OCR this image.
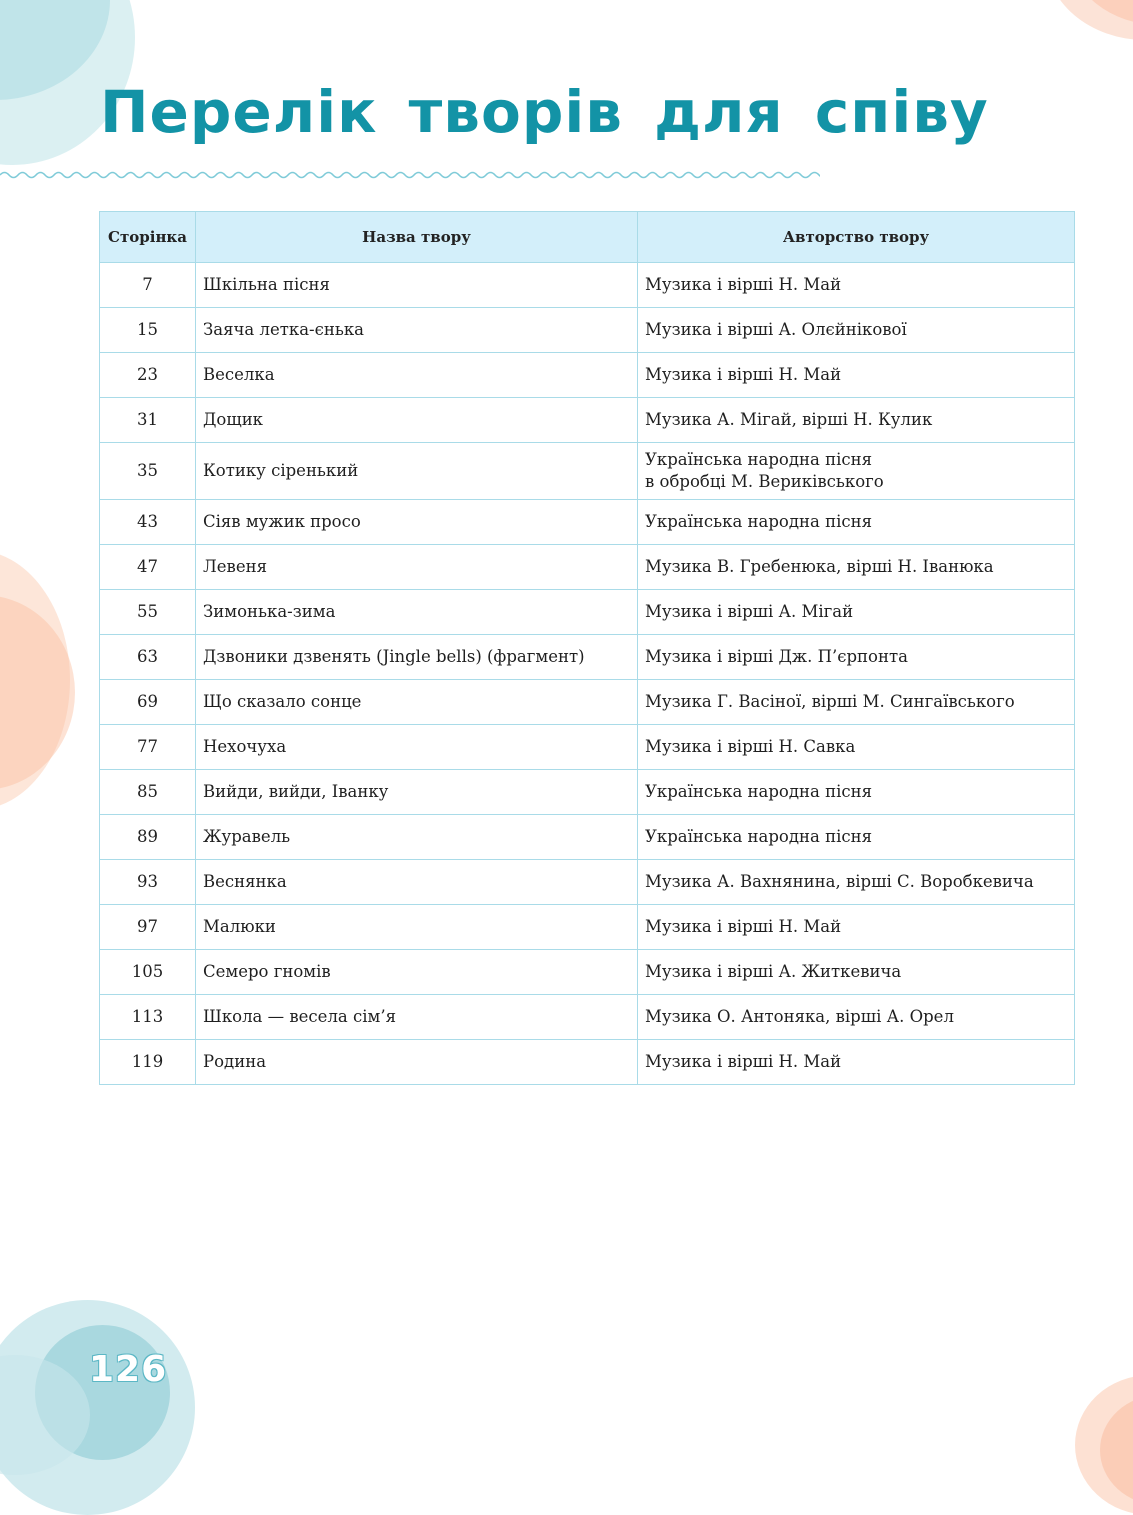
Перелік творів для співу
Сторінка	Назва твору	Авторство твору
7	Шкільна пісня	Музика і вірші Н. Май
15	Заяча летка-єнька	Музика і вірші А. Олєйнікової
23	Веселка	Музика і вірші Н. Май
31	Дощик	Музика А. Мігай, вірші Н. Кулик
35	Котику сіренький	Українська народна пісня
в обробці М. Вериківського
43	Сіяв мужик просо	Українська народна пісня
47	Левеня	Музика В. Гребенюка, вірші Н. Іванюка
55	Зимонька-зима	Музика і вірші А. Мігай
63	Дзвоники дзвенять (Jingle bells) (фрагмент)	Музика і вірші Дж. П’єрпонта
69	Що сказало сонце	Музика Г. Васіної, вірші М. Сингаївського
77	Нехочуха	Музика і вірші Н. Савка
85	Вийди, вийди, Іванку	Українська народна пісня
89	Журавель	Українська народна пісня
93	Веснянка	Музика А. Вахнянина, вірші С. Воробкевича
97	Малюки	Музика і вірші Н. Май
105	Семеро гномів	Музика і вірші А. Житкевича
113	Школа — весела сім’я	Музика О. Антоняка, вірші А. Орел
119	Родина	Музика і вірші Н. Май
126
